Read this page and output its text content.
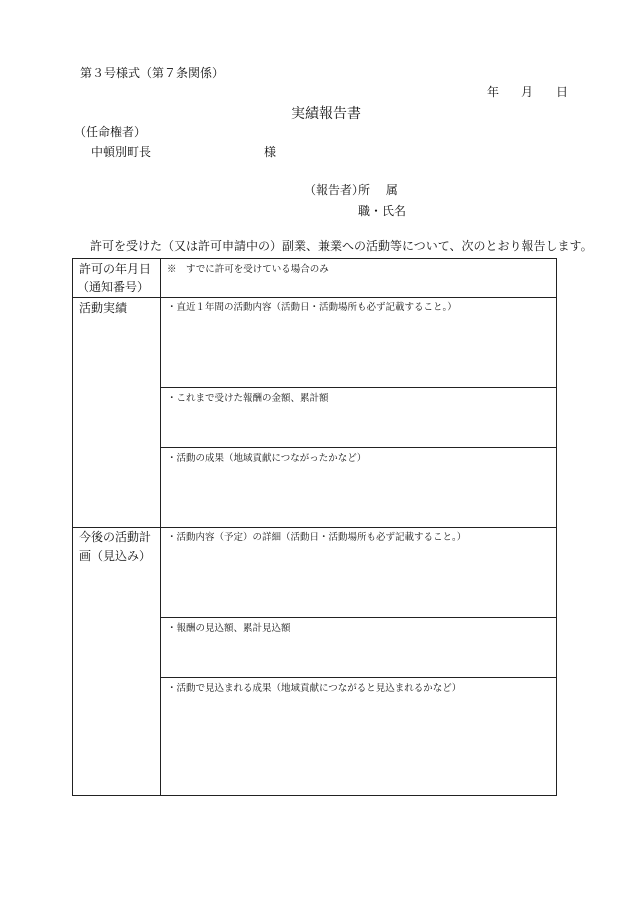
第３号様式（第７条関係）
年 月 日
実績報告書
（任命権者）
中頓別町長	様
（報告者）
所　 属
職・氏名
許可を受けた（又は許可申請中の）副業、兼業への活動等について、次のとおり報告します。
許可の年月日
（通知番号）
※　すでに許可を受けている場合のみ
活動実績	・直近１年間の活動内容（活動日・活動場所も必ず記載すること。）
・これまで受けた報酬の金額、累計額
・活動の成果（地域貢献につながったかなど）
今後の活動計
画（見込み）
・活動内容（予定）の詳細（活動日・活動場所も必ず記載すること。）
・報酬の見込額、累計見込額
・活動で見込まれる成果（地域貢献につながると見込まれるかなど）
